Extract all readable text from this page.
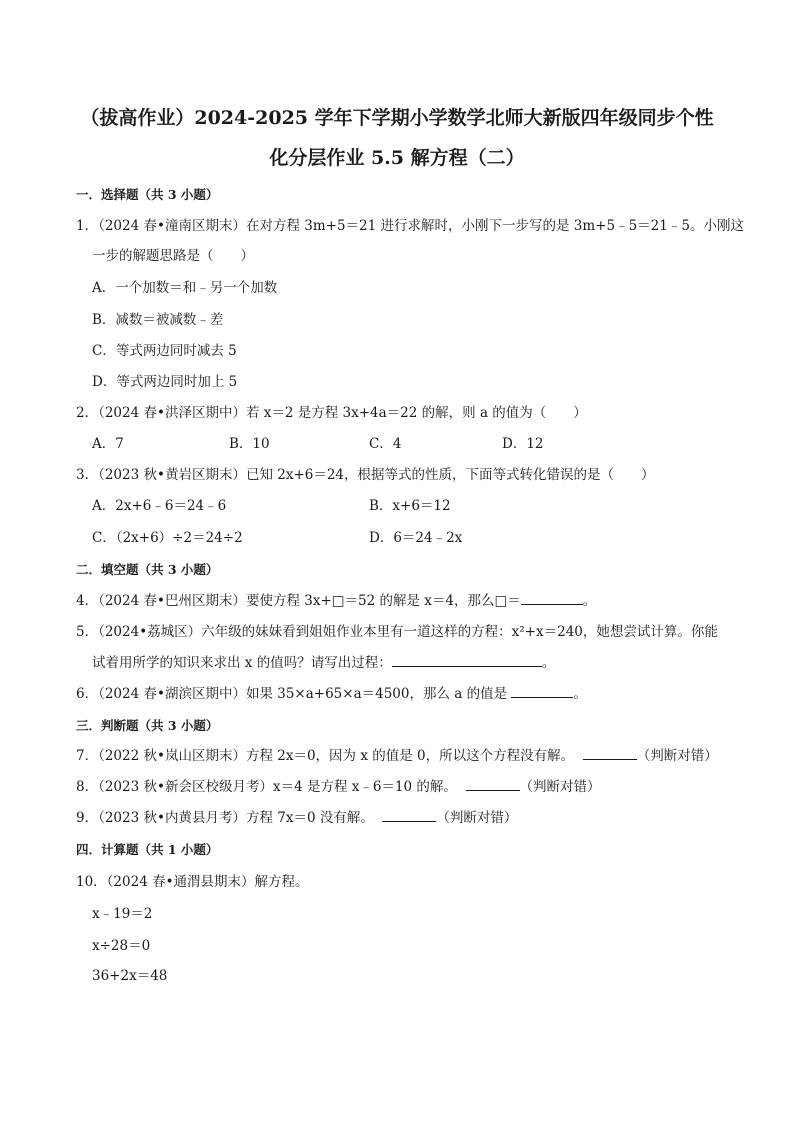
（拔高作业）2024-2025 学年下学期小学数学北师大新版四年级同步个性
化分层作业 5.5 解方程（二）
一．选择题（共 3 小题）
1．（2024 春•潼南区期末）在对方程 3m+5＝21 进行求解时，小刚下一步写的是 3m+5﹣5＝21﹣5。小刚这
一步的解题思路是（　　）
A．一个加数＝和﹣另一个加数
B．减数＝被减数﹣差
C．等式两边同时减去 5
D．等式两边同时加上 5
2．（2024 春•洪泽区期中）若 x＝2 是方程 3x+4a＝22 的解，则 a 的值为（　　）
A．7	B．10	C．4	D．12
3．（2023 秋•黄岩区期末）已知 2x+6＝24，根据等式的性质，下面等式转化错误的是（　　）
A．2x+6﹣6＝24﹣6	B．x+6＝12
C．（2x+6）÷2＝24÷2	D．6＝24﹣2x
二．填空题（共 3 小题）
4．（2024 春•巴州区期末）要使方程 3x+□＝52 的解是 x＝4，那么□＝	。
5．（2024•荔城区）六年级的妹妹看到姐姐作业本里有一道这样的方程：x²+x＝240，她想尝试计算。你能
试着用所学的知识来求出 x 的值吗？请写出过程：	。
6．（2024 春•湖滨区期中）如果 35×a+65×a＝4500，那么 a 的值是	。
三．判断题（共 3 小题）
7．（2022 秋•岚山区期末）方程 2x＝0，因为 x 的值是 0，所以这个方程没有解。	（判断对错）
8．（2023 秋•新会区校级月考）x＝4 是方程 x﹣6＝10 的解。	（判断对错）
9．（2023 秋•内黄县月考）方程 7x＝0 没有解。	（判断对错）
四．计算题（共 1 小题）
10．（2024 春•通渭县期末）解方程。
x﹣19＝2
x÷28＝0
36+2x＝48
